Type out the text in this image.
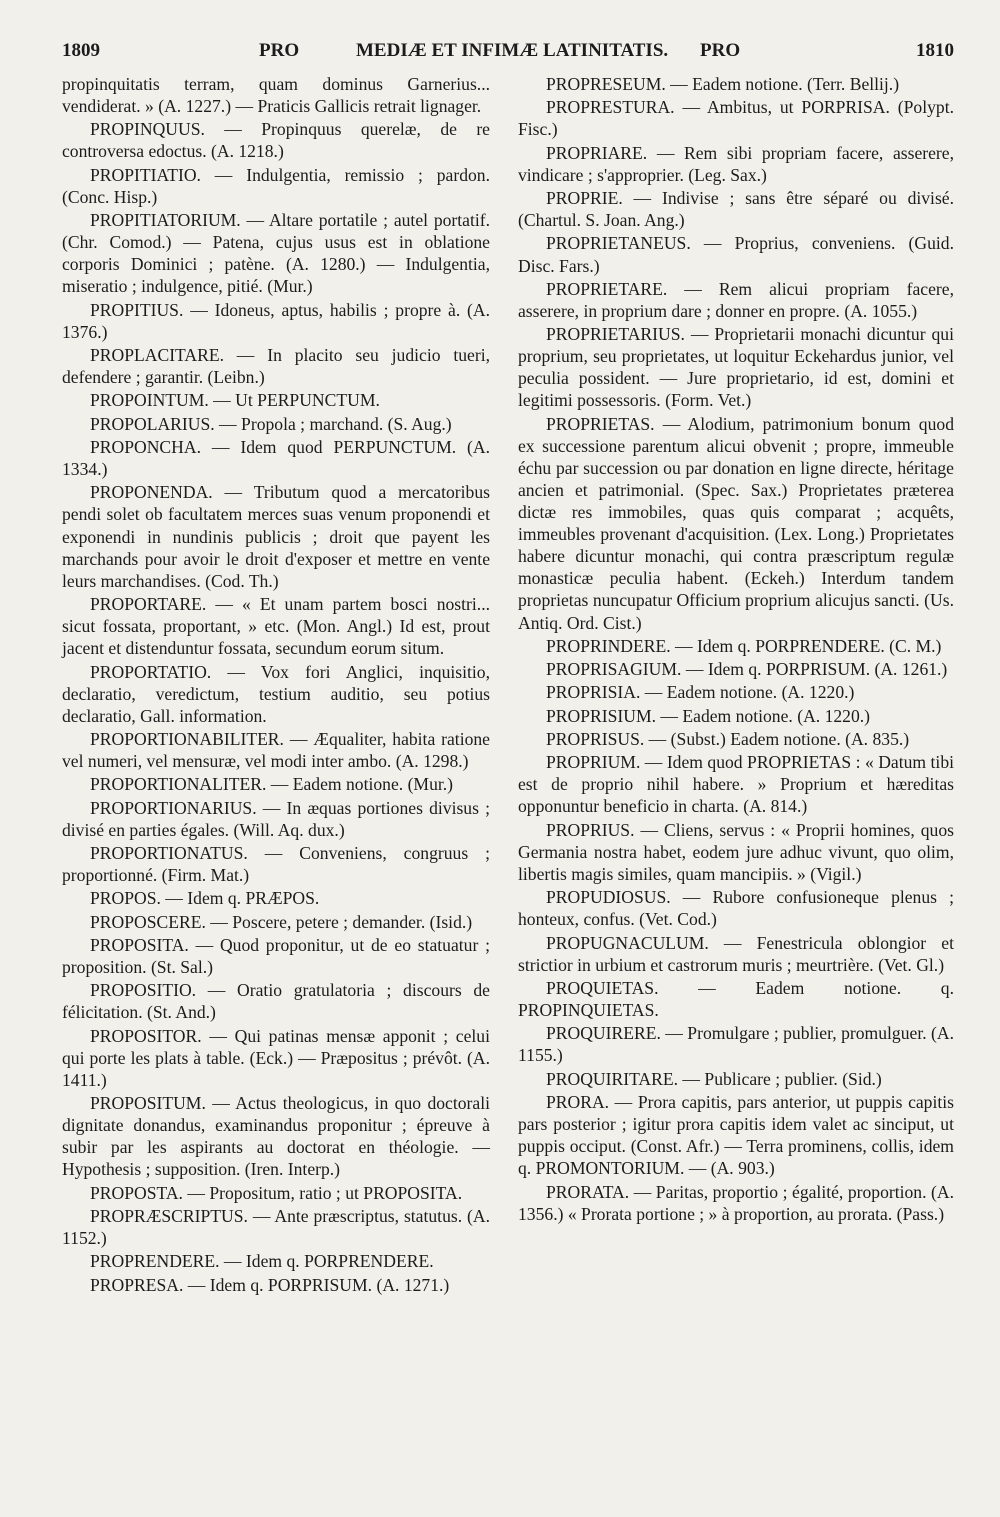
1809	PRO	MEDIÆ ET INFIMÆ LATINITATIS. PRO	1810

propinquitatis terram, quam dominus Garnerius... vendiderat. » (A. 1227.) — Praticis Gallicis retrait lignager.

PROPINQUUS. — Propinquus querelæ, de re controversa edoctus. (A. 1218.)

PROPITIATIO. — Indulgentia, remissio ; pardon. (Conc. Hisp.)

PROPITIATORIUM. — Altare portatile ; autel portatif. (Chr. Comod.) — Patena, cujus usus est in oblatione corporis Dominici ; patène. (A. 1280.) — Indulgentia, miseratio ; indulgence, pitié. (Mur.)

PROPITIUS. — Idoneus, aptus, habilis ; propre à. (A. 1376.)

PROPLACITARE. — In placito seu judicio tueri, defendere ; garantir. (Leibn.)

PROPOINTUM. — Ut PERPUNCTUM.

PROPOLARIUS. — Propola ; marchand. (S. Aug.)

PROPONCHA. — Idem quod PERPUNCTUM. (A. 1334.)

PROPONENDA. — Tributum quod a mercatoribus pendi solet ob facultatem merces suas venum proponendi et exponendi in nundinis publicis ; droit que payent les marchands pour avoir le droit d'exposer et mettre en vente leurs marchandises. (Cod. Th.)

PROPORTARE. — « Et unam partem bosci nostri... sicut fossata, proportant, » etc. (Mon. Angl.) Id est, prout jacent et distenduntur fossata, secundum eorum situm.

PROPORTATIO. — Vox fori Anglici, inquisitio, declaratio, veredictum, testium auditio, seu potius declaratio, Gall. information.

PROPORTIONABILITER. — Æqualiter, habita ratione vel numeri, vel mensuræ, vel modi inter ambo. (A. 1298.)

PROPORTIONALITER. — Eadem notione. (Mur.)

PROPORTIONARIUS. — In æquas portiones divisus ; divisé en parties égales. (Will. Aq. dux.)

PROPORTIONATUS. — Conveniens, congruus ; proportionné. (Firm. Mat.)

PROPOS. — Idem q. PRÆPOS.

PROPOSCERE. — Poscere, petere ; demander. (Isid.)

PROPOSITA. — Quod proponitur, ut de eo statuatur ; proposition. (St. Sal.)

PROPOSITIO. — Oratio gratulatoria ; discours de félicitation. (St. And.)

PROPOSITOR. — Qui patinas mensæ apponit ; celui qui porte les plats à table. (Eck.) — Præpositus ; prévôt. (A. 1411.)

PROPOSITUM. — Actus theologicus, in quo doctorali dignitate donandus, examinandus proponitur ; épreuve à subir par les aspirants au doctorat en théologie. — Hypothesis ; supposition. (Iren. Interp.)

PROPOSTA. — Propositum, ratio ; ut PROPOSITA.

PROPRÆSCRIPTUS. — Ante præscriptus, statutus. (A. 1152.)

PROPRENDERE. — Idem q. PORPRENDERE.

PROPRESA. — Idem q. PORPRISUM. (A. 1271.)

PROPRESEUM. — Eadem notione. (Terr. Bellij.)

PROPRESTURA. — Ambitus, ut PORPRISA. (Polypt. Fisc.)

PROPRIARE. — Rem sibi propriam facere, asserere, vindicare ; s'approprier. (Leg. Sax.)

PROPRIE. — Indivise ; sans être séparé ou divisé. (Chartul. S. Joan. Ang.)

PROPRIETANEUS. — Proprius, conveniens. (Guid. Disc. Fars.)

PROPRIETARE. — Rem alicui propriam facere, asserere, in proprium dare ; donner en propre. (A. 1055.)

PROPRIETARIUS. — Proprietarii monachi dicuntur qui proprium, seu proprietates, ut loquitur Eckehardus junior, vel peculia possident. — Jure proprietario, id est, domini et legitimi possessoris. (Form. Vet.)

PROPRIETAS. — Alodium, patrimonium bonum quod ex successione parentum alicui obvenit ; propre, immeuble échu par succession ou par donation en ligne directe, héritage ancien et patrimonial. (Spec. Sax.) Proprietates præterea dictæ res immobiles, quas quis comparat ; acquêts, immeubles provenant d'acquisition. (Lex. Long.) Proprietates habere dicuntur monachi, qui contra præscriptum regulæ monasticæ peculia habent. (Eckeh.) Interdum tandem proprietas nuncupatur Officium proprium alicujus sancti. (Us. Antiq. Ord. Cist.)

PROPRINDERE. — Idem q. PORPRENDERE. (C. M.)

PROPRISAGIUM. — Idem q. PORPRISUM. (A. 1261.)

PROPRISIA. — Eadem notione. (A. 1220.)

PROPRISIUM. — Eadem notione. (A. 1220.)

PROPRISUS. — (Subst.) Eadem notione. (A. 835.)

PROPRIUM. — Idem quod PROPRIETAS : « Datum tibi est de proprio nihil habere. » Proprium et hæreditas opponuntur beneficio in charta. (A. 814.)

PROPRIUS. — Cliens, servus : « Proprii homines, quos Germania nostra habet, eodem jure adhuc vivunt, quo olim, libertis magis similes, quam mancipiis. » (Vigil.)

PROPUDIOSUS. — Rubore confusioneque plenus ; honteux, confus. (Vet. Cod.)

PROPUGNACULUM. — Fenestricula oblongior et strictior in urbium et castrorum muris ; meurtrière. (Vet. Gl.)

PROQUIETAS. — Eadem notione. q. PROPINQUIETAS.

PROQUIRERE. — Promulgare ; publier, promulguer. (A. 1155.)

PROQUIRITARE. — Publicare ; publier. (Sid.)

PRORA. — Prora capitis, pars anterior, ut puppis capitis pars posterior ; igitur prora capitis idem valet ac sinciput, ut puppis occiput. (Const. Afr.) — Terra prominens, collis, idem q. PROMONTORIUM. — (A. 903.)

PRORATA. — Paritas, proportio ; égalité, proportion. (A. 1356.) « Prorata portione ; » à proportion, au prorata. (Pass.)
